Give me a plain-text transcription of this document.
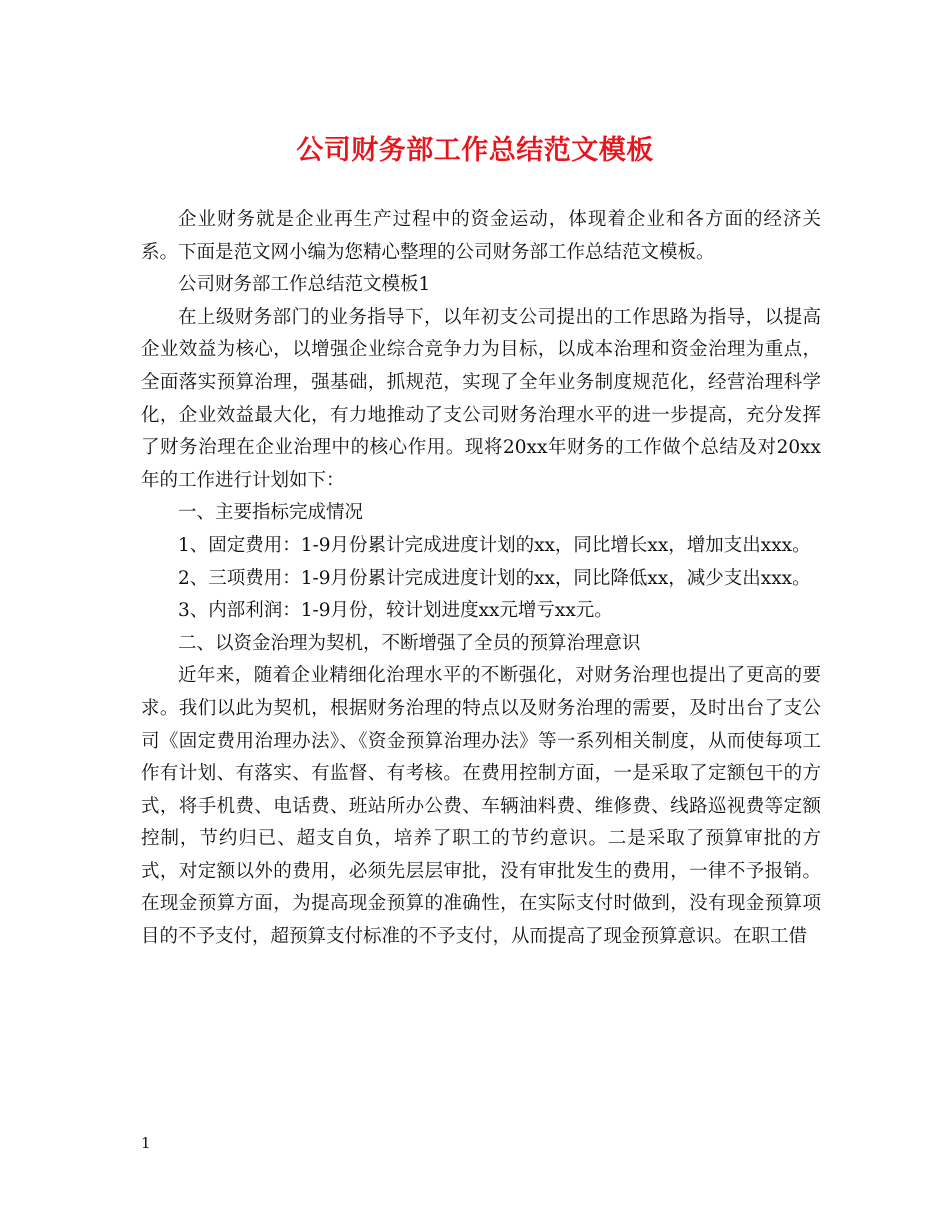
公司财务部工作总结范文模板

企业财务就是企业再生产过程中的资金运动，体现着企业和各方面的经济关系。下面是范文网小编为您精心整理的公司财务部工作总结范文模板。

公司财务部工作总结范文模板1

在上级财务部门的业务指导下，以年初支公司提出的工作思路为指导，以提高企业效益为核心，以增强企业综合竞争力为目标，以成本治理和资金治理为重点，全面落实预算治理，强基础，抓规范，实现了全年业务制度规范化，经营治理科学化，企业效益最大化，有力地推动了支公司财务治理水平的进一步提高，充分发挥了财务治理在企业治理中的核心作用。现将20xx年财务的工作做个总结及对20xx年的工作进行计划如下：

一、主要指标完成情况

1、固定费用：1-9月份累计完成进度计划的xx，同比增长xx，增加支出xxx。

2、三项费用：1-9月份累计完成进度计划的xx，同比降低xx，减少支出xxx。

3、内部利润：1-9月份，较计划进度xx元增亏xx元。

二、以资金治理为契机，不断增强了全员的预算治理意识

近年来，随着企业精细化治理水平的不断强化，对财务治理也提出了更高的要求。我们以此为契机，根据财务治理的特点以及财务治理的需要，及时出台了支公司《固定费用治理办法》、《资金预算治理办法》等一系列相关制度，从而使每项工作有计划、有落实、有监督、有考核。在费用控制方面，一是采取了定额包干的方式，将手机费、电话费、班站所办公费、车辆油料费、维修费、线路巡视费等定额控制，节约归已、超支自负，培养了职工的节约意识。二是采取了预算审批的方式，对定额以外的费用，必须先层层审批，没有审批发生的费用，一律不予报销。在现金预算方面，为提高现金预算的准确性，在实际支付时做到，没有现金预算项目的不予支付，超预算支付标准的不予支付，从而提高了现金预算意识。在职工借

1
